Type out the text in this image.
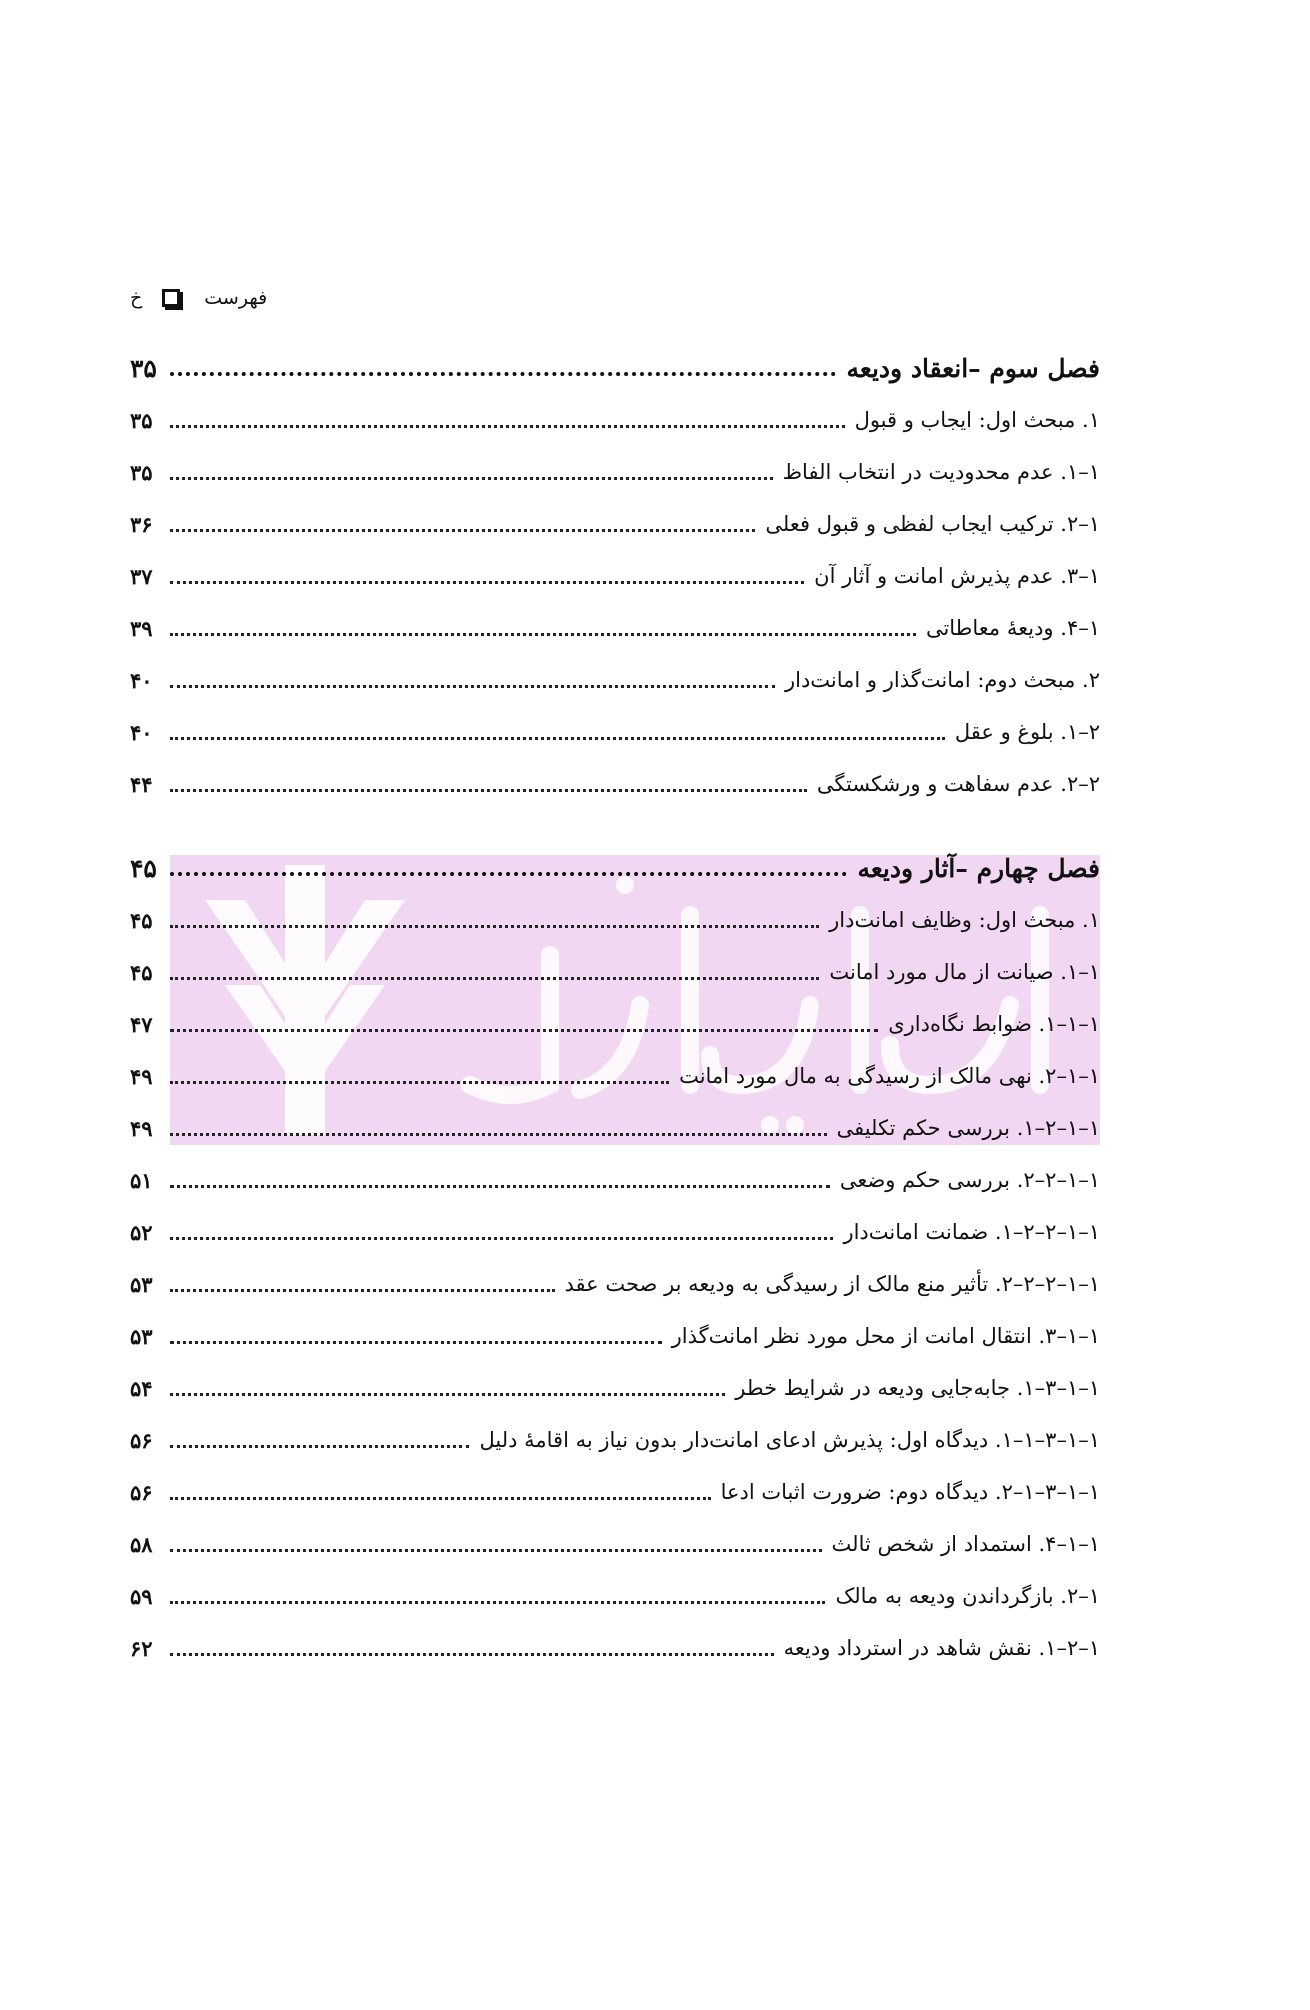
فهرست
خ
فصل سوم –انعقاد ودیعه
۳۵
۱. مبحث اول: ایجاب و قبول
۳۵
۱–۱. عدم محدودیت در انتخاب الفاظ
۳۵
۱–۲. ترکیب ایجاب لفظی و قبول فعلی
۳۶
۱–۳. عدم پذیرش امانت و آثار آن
۳۷
۱–۴. ودیعهٔ معاطاتی
۳۹
۲. مبحث دوم: امانت‌گذار و امانت‌دار
۴۰
۲–۱. بلوغ و عقل
۴۰
۲–۲. عدم سفاهت و ورشکستگی
۴۴
فصل چهارم –آثار ودیعه
۴۵
۱. مبحث اول: وظایف امانت‌دار
۴۵
۱–۱. صیانت از مال مورد امانت
۴۵
۱–۱–۱. ضوابط نگاه‌داری
۴۷
۱–۱–۲. نهی مالک از رسیدگی به مال مورد امانت
۴۹
۱–۱–۲–۱. بررسی حکم تکلیفی
۴۹
۱–۱–۲–۲. بررسی حکم وضعی
۵۱
۱–۱–۲–۲–۱. ضمانت امانت‌دار
۵۲
۱–۱–۲–۲–۲. تأثیر منع مالک از رسیدگی به ودیعه بر صحت عقد
۵۳
۱–۱–۳. انتقال امانت از محل مورد نظر امانت‌گذار
۵۳
۱–۱–۳–۱. جابه‌جایی ودیعه در شرایط خطر
۵۴
۱–۱–۳–۱–۱. دیدگاه اول: پذیرش ادعای امانت‌دار بدون نیاز به اقامهٔ دلیل
۵۶
۱–۱–۳–۱–۲. دیدگاه دوم: ضرورت اثبات ادعا
۵۶
۱–۱–۴. استمداد از شخص ثالث
۵۸
۱–۲. بازگرداندن ودیعه به مالک
۵۹
۱–۲–۱. نقش شاهد در استرداد ودیعه
۶۲
